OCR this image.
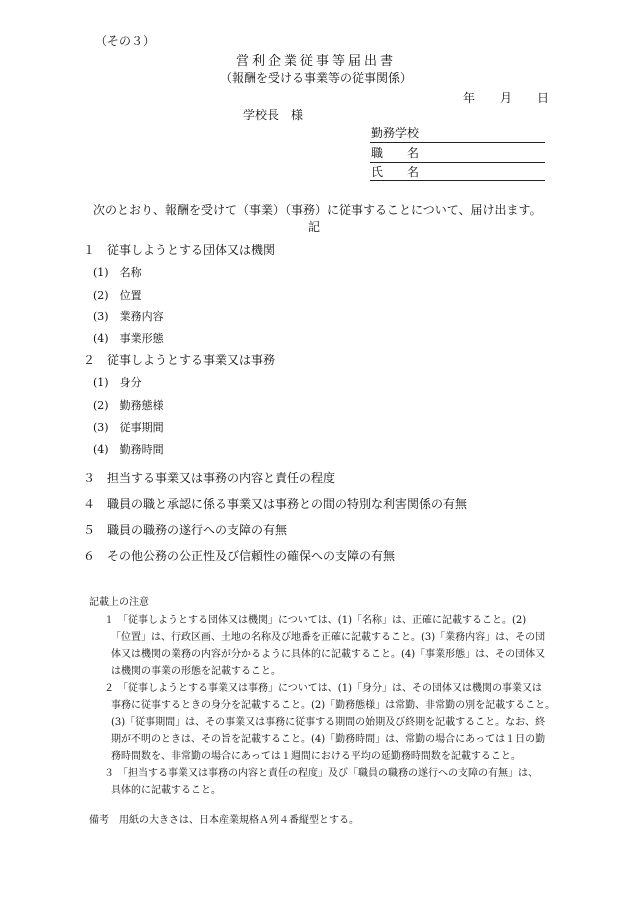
（その３）
営利企業従事等届出書
（報酬を受ける事業等の従事関係）
年 月 日
学校長　様
勤務学校
職　　名
氏　　名
次のとおり、報酬を受けて（事業）（事務）に従事することについて、届け出ます。
記
１　従事しようとする団体又は機関
(1)　名称
(2)　位置
(3)　業務内容
(4)　事業形態
２　従事しようとする事業又は事務
(1)　身分
(2)　勤務態様
(3)　従事期間
(4)　勤務時間
３　担当する事業又は事務の内容と責任の程度
４　職員の職と承認に係る事業又は事務との間の特別な利害関係の有無
５　職員の職務の遂行への支障の有無
６　その他公務の公正性及び信頼性の確保への支障の有無
記載上の注意
１ 「従事しようとする団体又は機関」については、(1)「名称」は、正確に記載すること。(2)
「位置」は、行政区画、土地の名称及び地番を正確に記載すること。(3)「業務内容」は、その団
体又は機関の業務の内容が分かるように具体的に記載すること。(4)「事業形態」は、その団体又
は機関の事業の形態を記載すること。
２ 「従事しようとする事業又は事務」については、(1)「身分」は、その団体又は機関の事業又は
事務に従事するときの身分を記載すること。(2)「勤務態様」は常勤、非常勤の別を記載すること。
(3)「従事期間」は、その事業又は事務に従事する期間の始期及び終期を記載すること。なお、終
期が不明のときは、その旨を記載すること。(4)「勤務時間」は、常勤の場合にあっては１日の勤
務時間数を、非常勤の場合にあっては１週間における平均の延勤務時間数を記載すること。
３ 「担当する事業又は事務の内容と責任の程度」及び「職員の職務の遂行への支障の有無」は、
具体的に記載すること。
備考　用紙の大きさは、日本産業規格Ａ列４番縦型とする。
